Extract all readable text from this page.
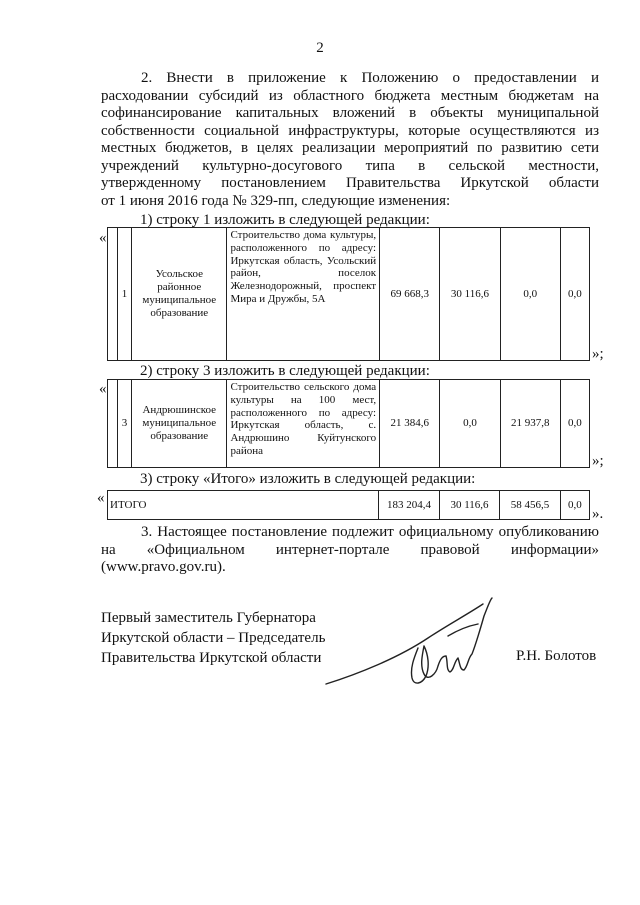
2
2. Внести в приложение к Положению о предоставлении и
расходовании субсидий из областного бюджета местным бюджетам на
софинансирование капитальных вложений в объекты муниципальной
собственности социальной инфраструктуры, которые осуществляются из
местных бюджетов, в целях реализации мероприятий по развитию сети
учреждений культурно-досугового типа в сельской местности,
утвержденному постановлением Правительства Иркутской области
от 1 июня 2016 года № 329-пп, следующие изменения:
1) строку 1 изложить в следующей редакции:
«
	1	Усольское районное муниципальное образование	Строительство дома культуры, расположенного по адресу: Иркутская область, Усольский район, поселок Железнодорожный, проспект Мира и Дружбы, 5А	69 668,3	30 116,6	0,0	0,0
»;
2) строку 3 изложить в следующей редакции:
«
	3	Андрюшинское муниципальное образование	Строительство сельского дома культуры на 100 мест, расположенного по адресу: Иркутская область, с. Андрюшино Куйтунского района	21 384,6	0,0	21 937,8	0,0
»;
3) строку «Итого» изложить в следующей редакции:
« ИТОГО	183 204,4	30 116,6	58 456,5	0,0
».
3. Настоящее постановление подлежит официальному опубликованию
на «Официальном интернет-портале правовой информации»
(www.pravo.gov.ru).
Первый заместитель Губернатора
Иркутской области – Председатель
Правительства Иркутской области	Р.Н. Болотов
